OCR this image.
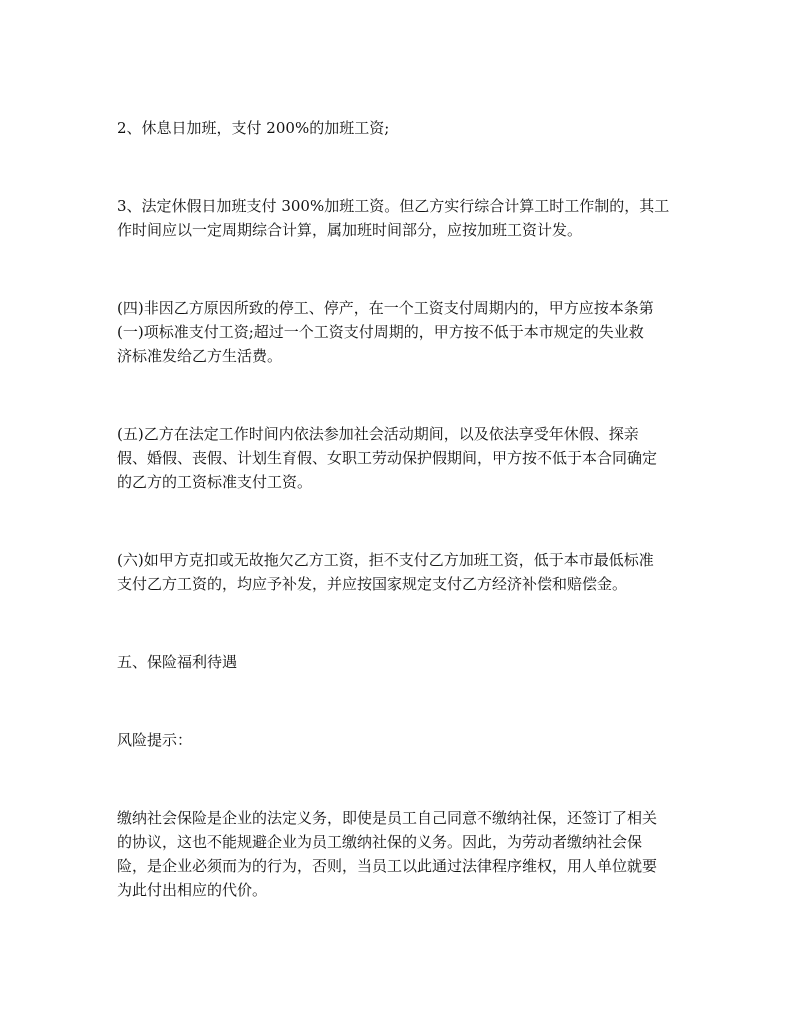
2、休息日加班，支付 200%的加班工资;
3、法定休假日加班支付 300%加班工资。但乙方实行综合计算工时工作制的，其工
作时间应以一定周期综合计算，属加班时间部分，应按加班工资计发。
(四)非因乙方原因所致的停工、停产，在一个工资支付周期内的，甲方应按本条第
(一)项标准支付工资;超过一个工资支付周期的，甲方按不低于本市规定的失业救
济标准发给乙方生活费。
(五)乙方在法定工作时间内依法参加社会活动期间，以及依法享受年休假、探亲
假、婚假、丧假、计划生育假、女职工劳动保护假期间，甲方按不低于本合同确定
的乙方的工资标准支付工资。
(六)如甲方克扣或无故拖欠乙方工资，拒不支付乙方加班工资，低于本市最低标准
支付乙方工资的，均应予补发，并应按国家规定支付乙方经济补偿和赔偿金。
五、保险福利待遇
风险提示：
缴纳社会保险是企业的法定义务，即使是员工自己同意不缴纳社保，还签订了相关
的协议，这也不能规避企业为员工缴纳社保的义务。因此，为劳动者缴纳社会保
险，是企业必须而为的行为，否则，当员工以此通过法律程序维权，用人单位就要
为此付出相应的代价。
